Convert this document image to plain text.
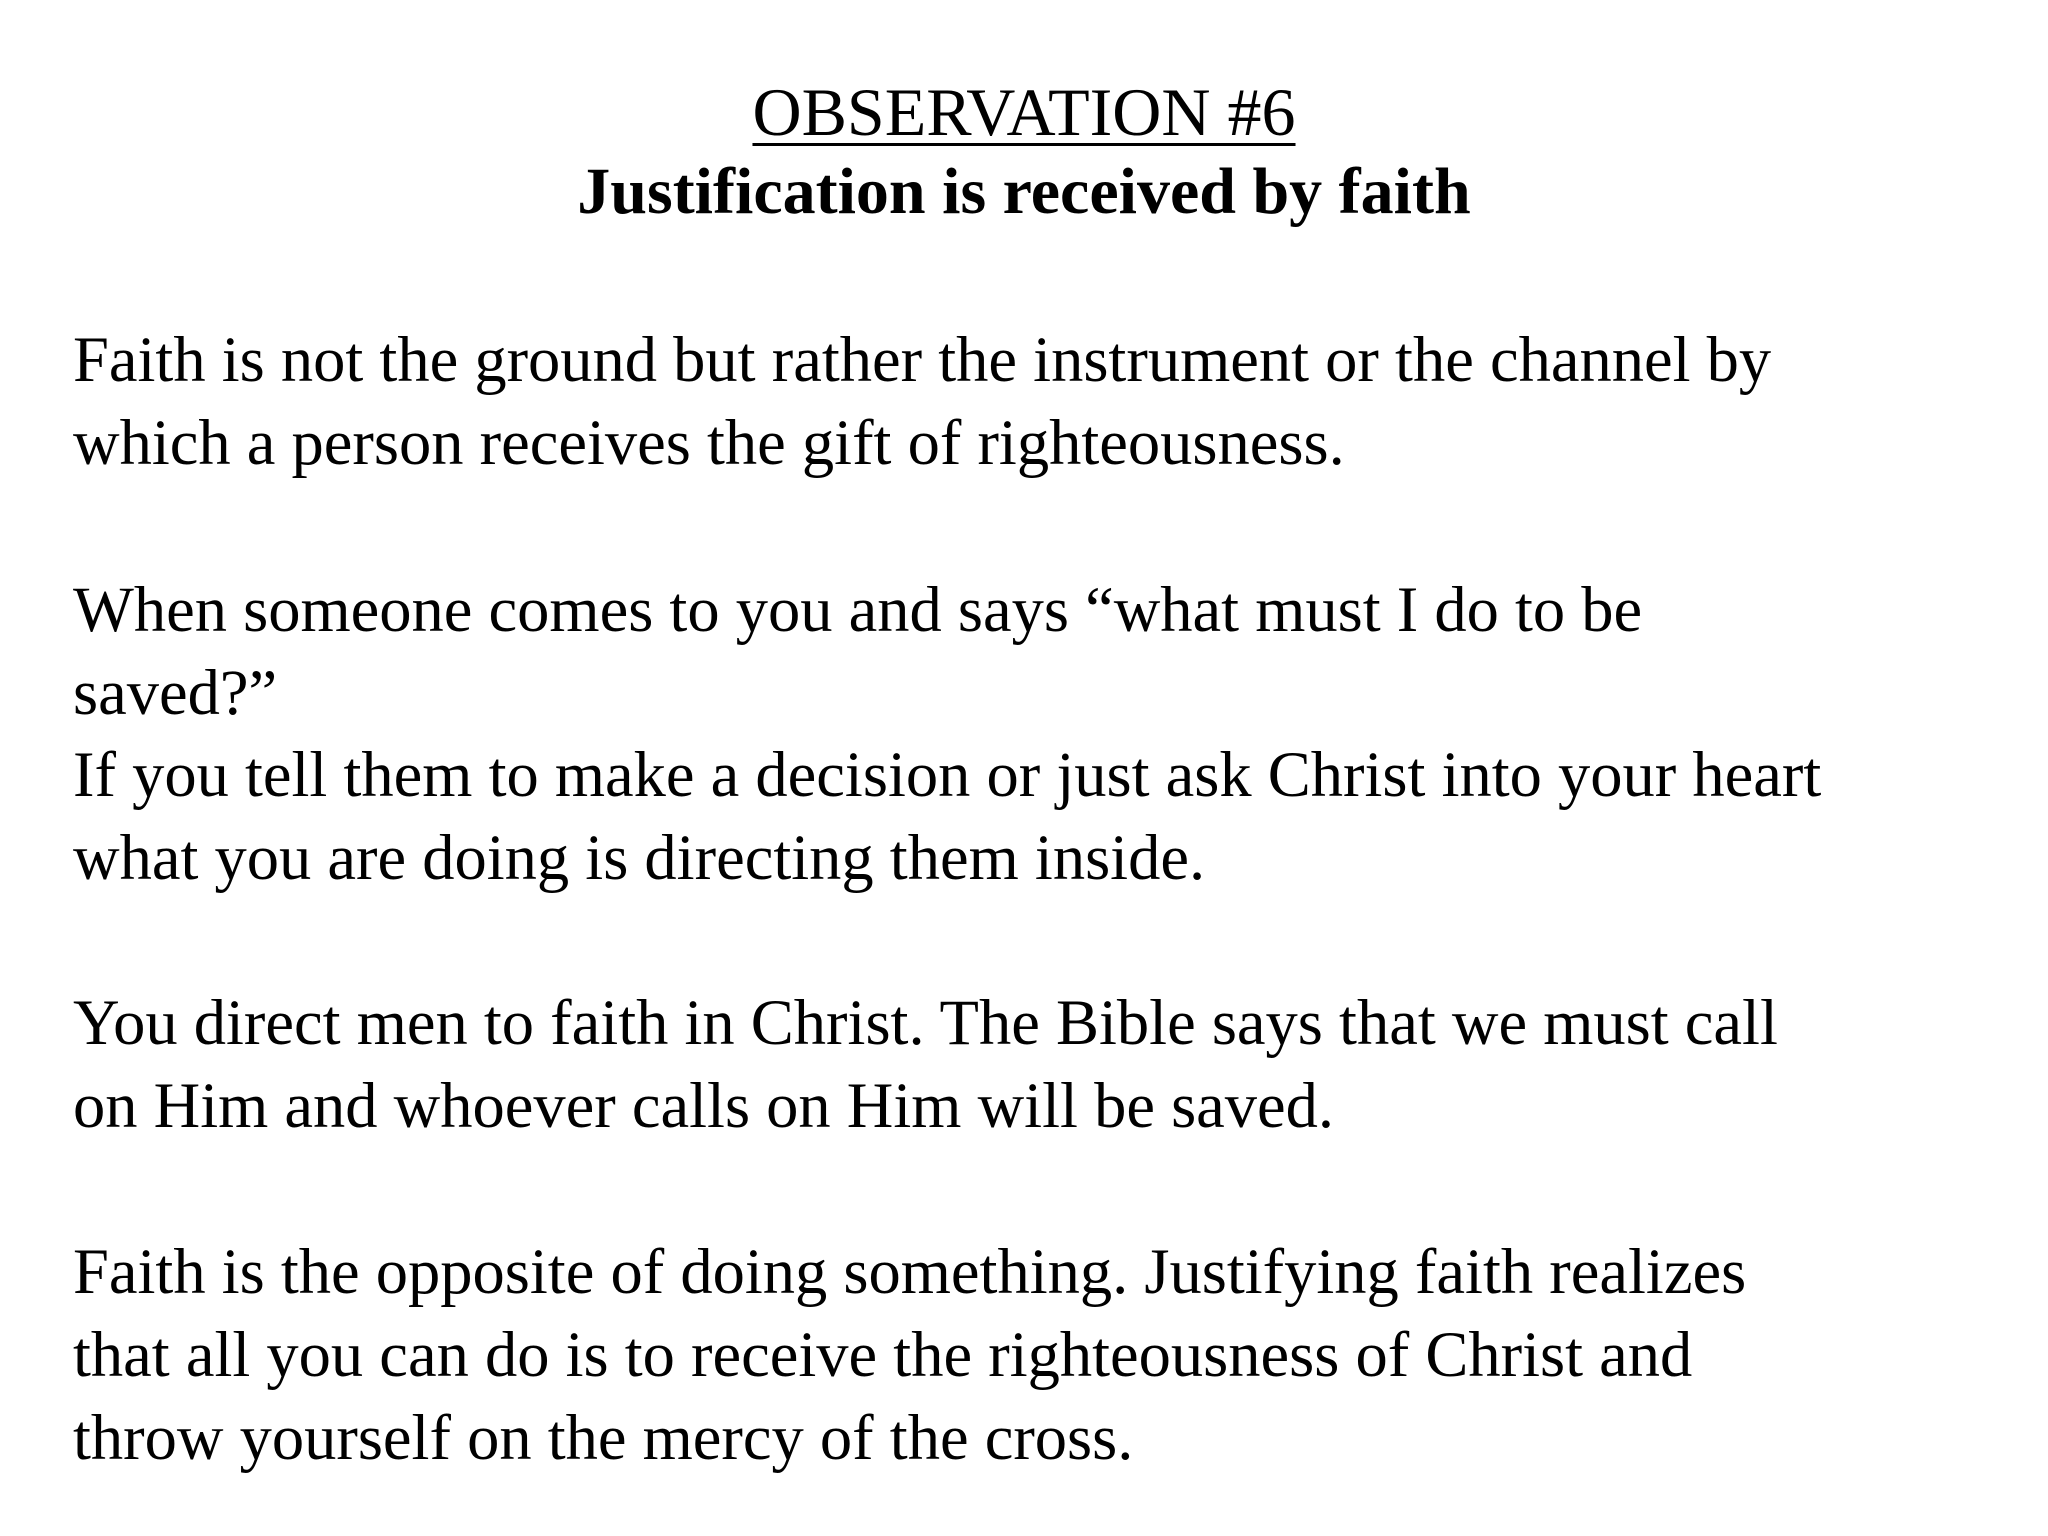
OBSERVATION #6
Justification is received by faith

Faith is not the ground but rather the instrument or the channel by
which a person receives the gift of righteousness.

When someone comes to you and says “what must I do to be
saved?”

If you tell them to make a decision or just ask Christ into your heart
what you are doing is directing them inside.

You direct men to faith in Christ. The Bible says that we must call
on Him and whoever calls on Him will be saved.

Faith is the opposite of doing something. Justifying faith realizes
that all you can do is to receive the righteousness of Christ and
throw yourself on the mercy of the cross.
